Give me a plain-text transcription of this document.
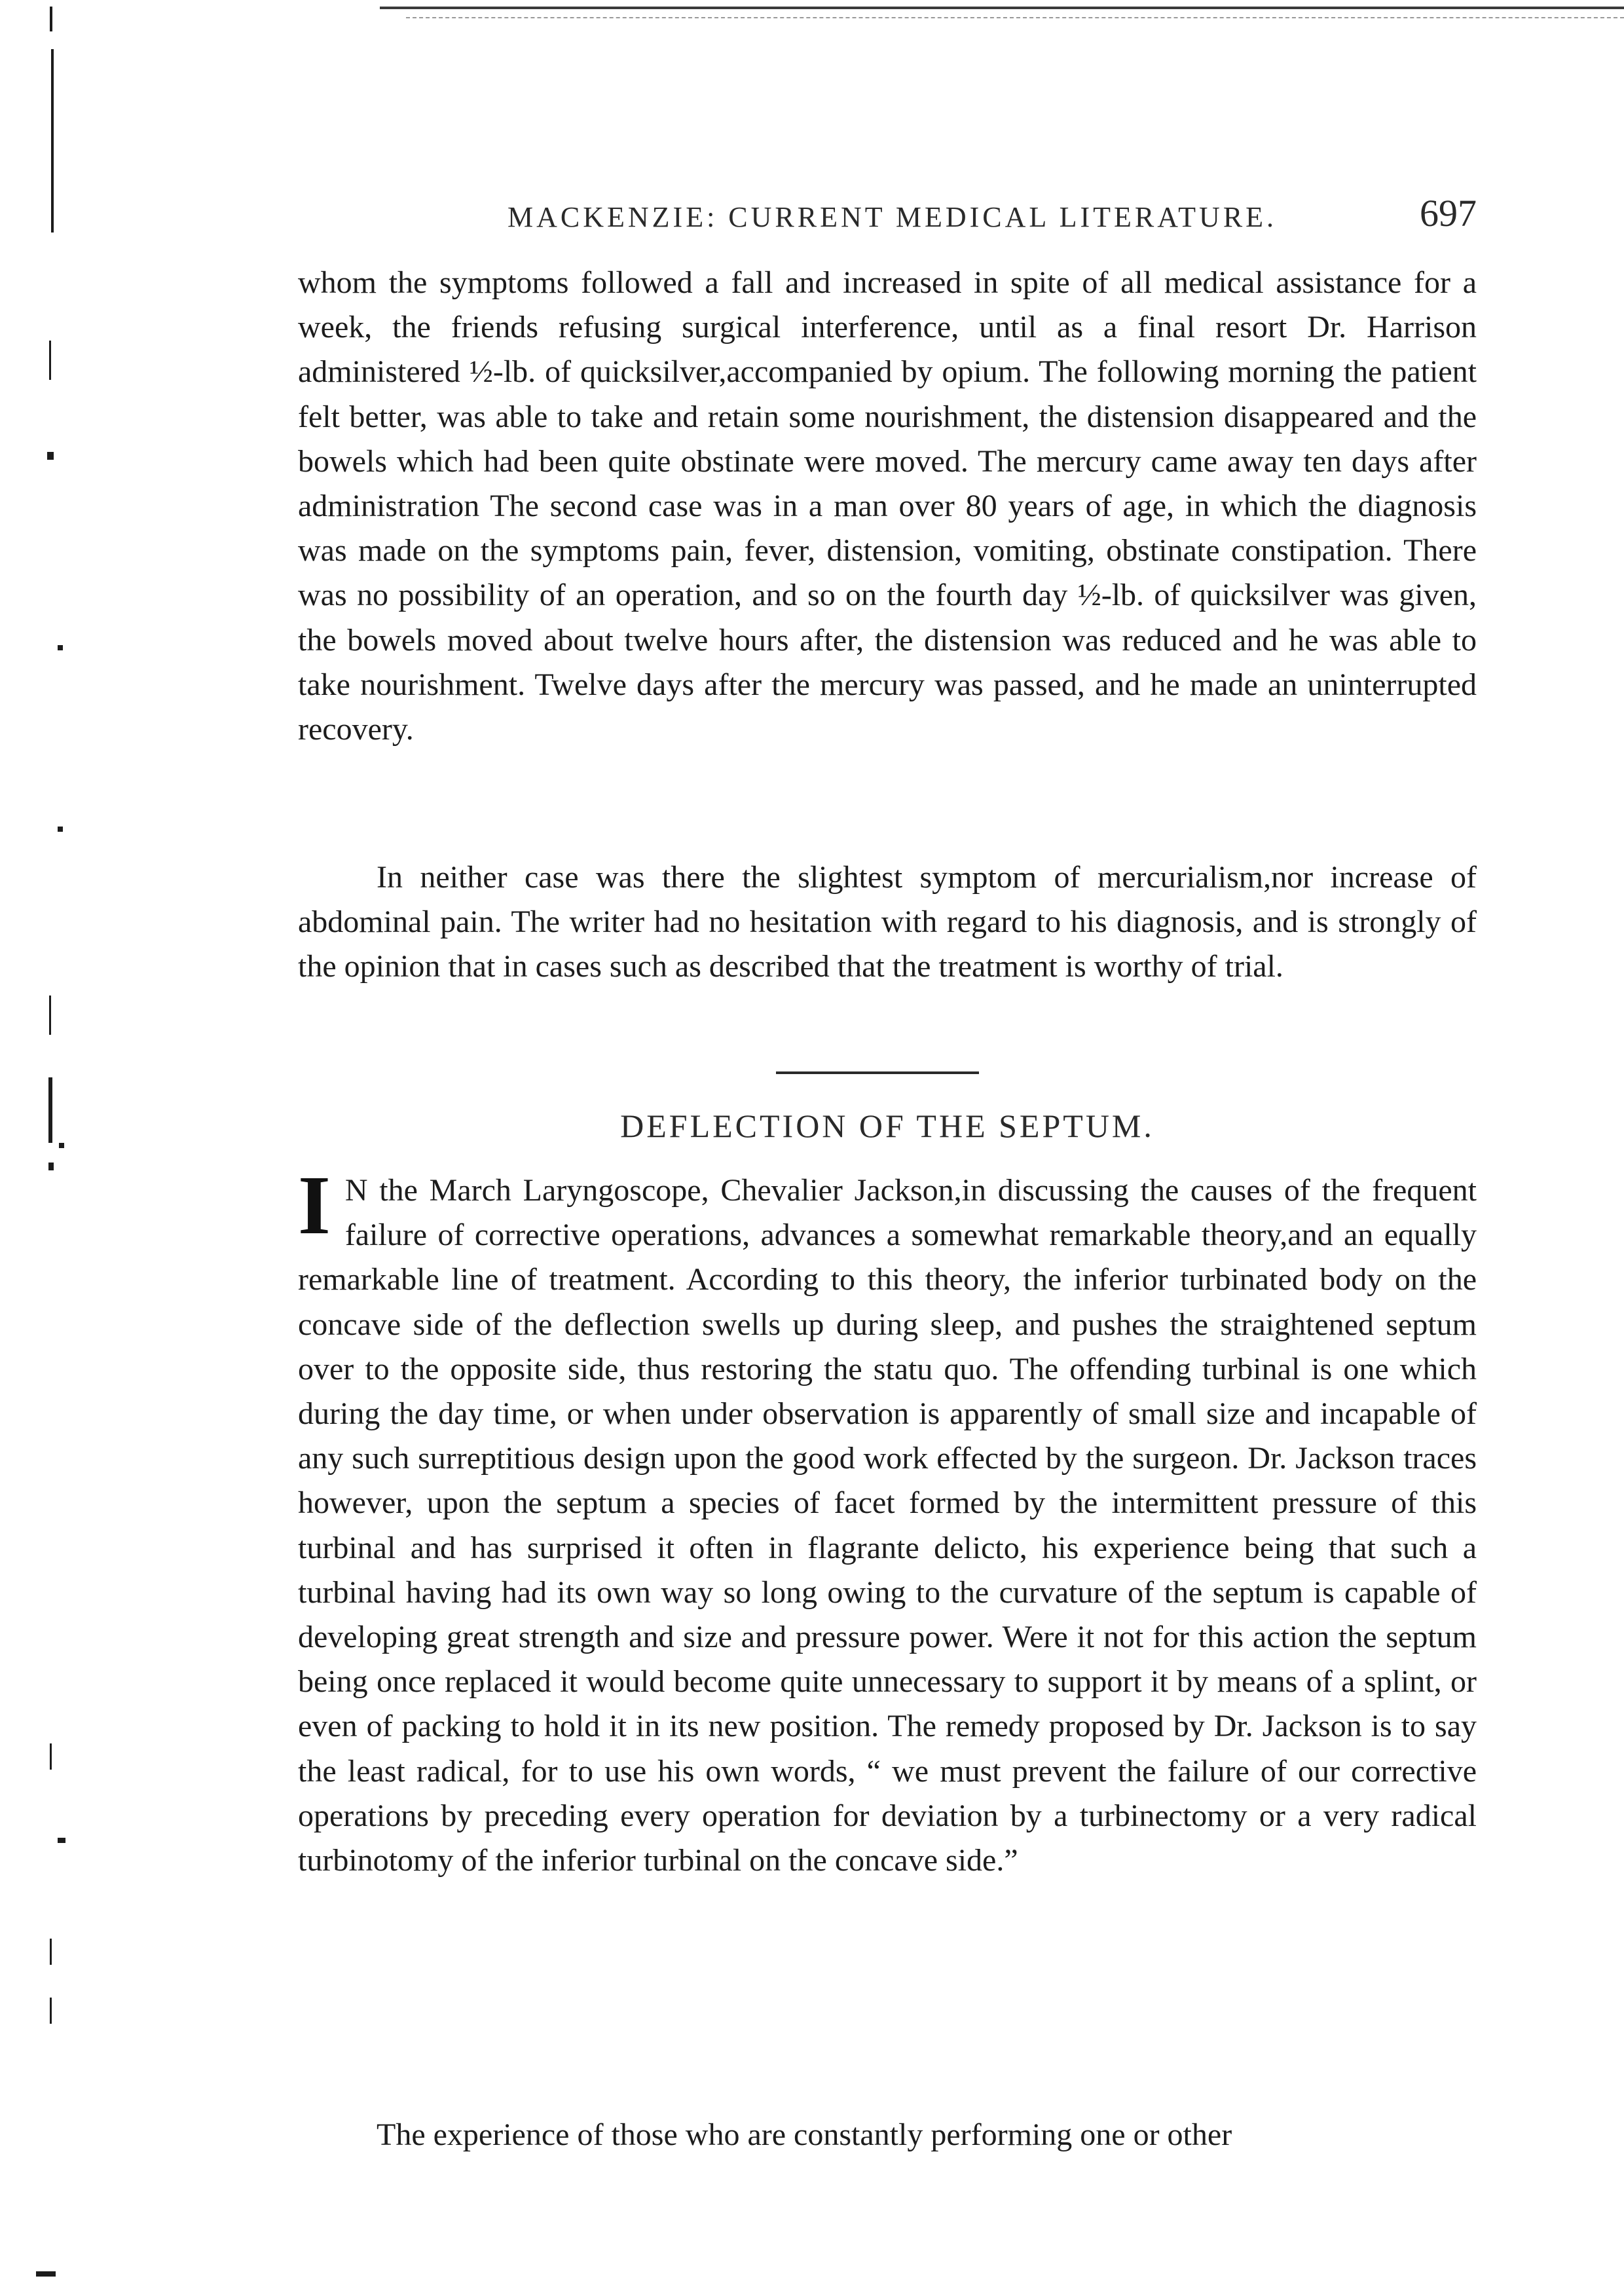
MACKENZIE: CURRENT MEDICAL LITERATURE.	697

whom the symptoms followed a fall and increased in spite of all medical assistance for a week, the friends refusing surgical interference, until as a final resort Dr. Harrison administered ½-lb. of quicksilver,accompanied by opium. The following morning the patient felt better, was able to take and retain some nourishment, the distension disappeared and the bowels which had been quite obstinate were moved. The mercury came away ten days after administration The second case was in a man over 80 years of age, in which the diagnosis was made on the symptoms pain, fever, distension, vomiting, obstinate constipation. There was no possibility of an operation, and so on the fourth day ½-lb. of quicksilver was given, the bowels moved about twelve hours after, the distension was reduced and he was able to take nourishment. Twelve days after the mercury was passed, and he made an uninterrupted recovery.

In neither case was there the slightest symptom of mercurialism,nor increase of abdominal pain. The writer had no hesitation with regard to his diagnosis, and is strongly of the opinion that in cases such as described that the treatment is worthy of trial.

DEFLECTION OF THE SEPTUM.

I N the March Laryngoscope, Chevalier Jackson,in discussing the causes of the frequent failure of corrective operations, advances a somewhat remarkable theory,and an equally remarkable line of treatment. According to this theory, the inferior turbinated body on the concave side of the deflection swells up during sleep, and pushes the straightened septum over to the opposite side, thus restoring the statu quo. The offending turbinal is one which during the day time, or when under observation is apparently of small size and incapable of any such surreptitious design upon the good work effected by the surgeon. Dr. Jackson traces however, upon the septum a species of facet formed by the intermittent pressure of this turbinal and has surprised it often in flagrante delicto, his experience being that such a turbinal having had its own way so long owing to the curvature of the septum is capable of developing great strength and size and pressure power. Were it not for this action the septum being once replaced it would become quite unnecessary to support it by means of a splint, or even of packing to hold it in its new position. The remedy proposed by Dr. Jackson is to say the least radical, for to use his own words, “ we must prevent the failure of our corrective operations by preceding every operation for deviation by a turbinectomy or a very radical turbinotomy of the inferior turbinal on the concave side.”

The experience of those who are constantly performing one or other
